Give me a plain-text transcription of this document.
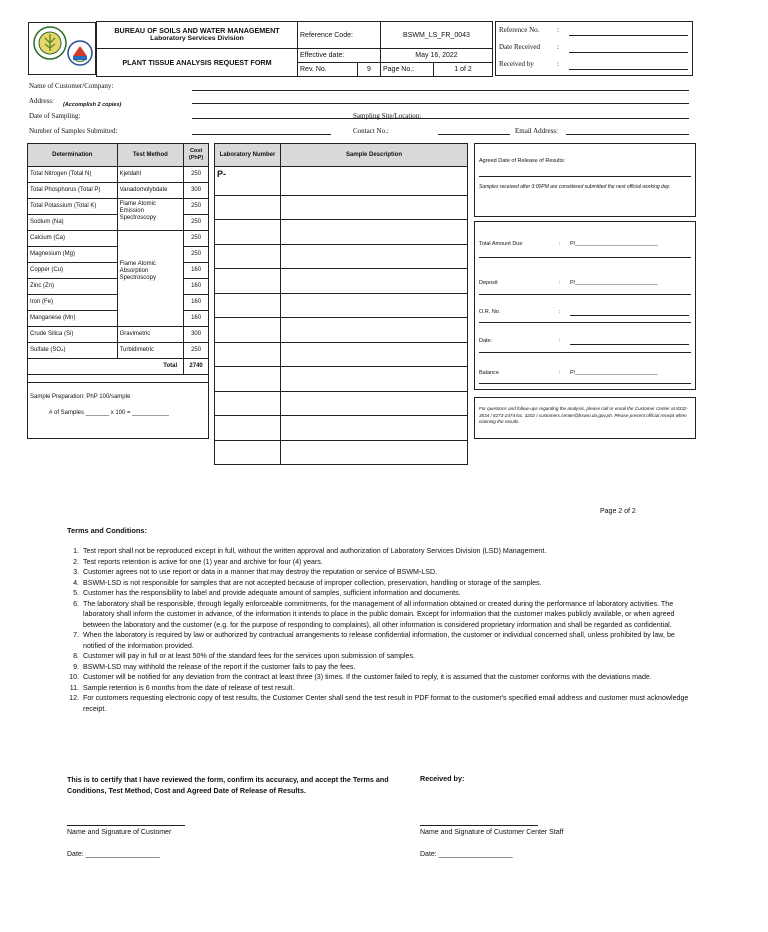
BUREAU OF SOILS AND WATER MANAGEMENT
Laboratory Services Division	Reference Code:	BSWM_LS_FR_0043	
PLANT TISSUE ANALYSIS REQUEST FORM	Effective date:	May 16, 2022	

	Rev. No. 9	Page No.:	1 of 2
Reference No.	:
Date Received :
Received by	:
Name of Customer/Company:
Address: (Accomplish 2 copies)
Date of Sampling:	Sampling Site/Location:
Number of Samples Submitted:	Contact No.:	Email Address:
Determination	Test Method	Cost (PhP)
Total Nitrogen (Total N)	Kjeldahl	250
Total Phosphorus (Total P)	Vanadomolybdate	300
Total Potassium (Total K)	Flame Atomic Emission Spectroscopy	250
Sodium (Na)		250
Calcium (Ca)	Flame Atomic Absorption Spectroscopy	250
Magnesium (Mg)		250
Copper (Cu)		160
Zinc (Zn)		160
Iron (Fe)		160
Manganese (Mn)		160
Crude Silica (Si)	Gravimetric	300
Sulfate (SO₄)	Turbidimetric	250
Total		2740

Sample Preparation: PhP 100/sample
# of Samples _______ x 100 = ___________
Laboratory Number	Sample Description
P-	

Agreed Date of Release of Results:
Samples received after 3:00PM are considered submitted the next official working day.
Total Amount Due	: P/___________________________
Deposit	: P/___________________________
O.R. No.	:
Date:	:
Balance	: P/___________________________
For questions and follow-ups regarding the analysis, please call or email the Customer Center at 8332-3534 / 8273-2474 loc. 3202 / customers.center@bswm.da.gov.ph. Please present official receipt when claiming the results.
Page 2 of 2
Terms and Conditions:
1. Test report shall not be reproduced except in full, without the written approval and authorization of Laboratory Services Division (LSD) Management.
2. Test reports retention is active for one (1) year and archive for four (4) years.
3. Customer agrees not to use report or data in a manner that may destroy the reputation or service of BSWM-LSD.
4. BSWM-LSD is not responsible for samples that are not accepted because of improper collection, preservation, handling or storage of the samples.
5. Customer has the responsibility to label and provide adequate amount of samples, sufficient information and documents.
6. The laboratory shall be responsible, through legally enforceable commitments, for the management of all information obtained or created during the performance of laboratory activities. The laboratory shall inform the customer in advance, of the information it intends to place in the public domain. Except for information that the customer makes publicly available, or when agreed between the laboratory and the customer (e.g. for the purpose of responding to complaints), all other information is considered proprietary information and shall be regarded as confidential.
7. When the laboratory is required by law or authorized by contractual arrangements to release confidential information, the customer or individual concerned shall, unless prohibited by law, be notified of the information provided.
8. Customer will pay in full or at least 50% of the standard fees for the services upon submission of samples.
9. BSWM-LSD may withhold the release of the report if the customer fails to pay the fees.
10. Customer will be notified for any deviation from the contract at least three (3) times. If the customer failed to reply, it is assumed that the customer conforms with the deviations made.
11. Sample retention is 6 months from the date of release of test result.
12. For customers requesting electronic copy of test results, the Customer Center shall send the test result in PDF format to the customer's specified email address and customer must acknowledge receipt.
This is to certify that I have reviewed the form, confirm its accuracy, and accept the Terms and Conditions, Test Method, Cost and Agreed Date of Release of Results.
Received by:
Name and Signature of Customer
Date: ___________________
Name and Signature of Customer Center Staff
Date: ___________________
